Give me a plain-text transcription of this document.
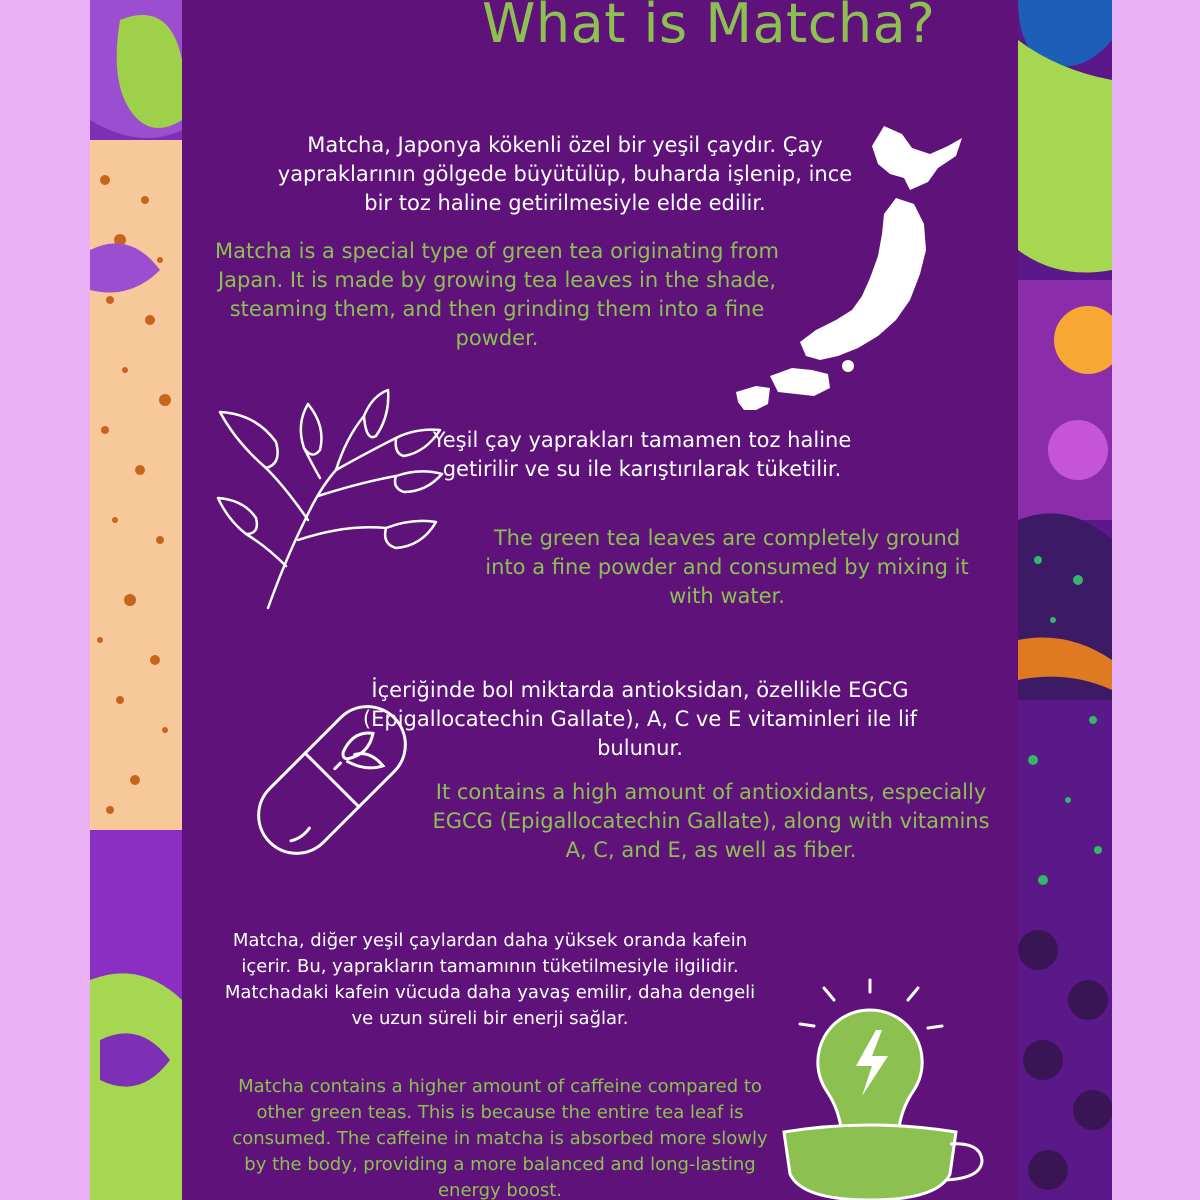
What is Matcha?
Matcha, Japonya kökenli özel bir yeşil çaydır. Çay yapraklarının gölgede büyütülüp, buharda işlenip, ince bir toz haline getirilmesiyle elde edilir.
Matcha is a special type of green tea originating from Japan. It is made by growing tea leaves in the shade, steaming them, and then grinding them into a fine powder.
Yeşil çay yaprakları tamamen toz haline getirilir ve su ile karıştırılarak tüketilir.
The green tea leaves are completely ground into a fine powder and consumed by mixing it with water.
İçeriğinde bol miktarda antioksidan, özellikle EGCG (Epigallocatechin Gallate), A, C ve E vitaminleri ile lif bulunur.
It contains a high amount of antioxidants, especially EGCG (Epigallocatechin Gallate), along with vitamins A, C, and E, as well as fiber.
Matcha, diğer yeşil çaylardan daha yüksek oranda kafein içerir. Bu, yaprakların tamamının tüketilmesiyle ilgilidir. Matchadaki kafein vücuda daha yavaş emilir, daha dengeli ve uzun süreli bir enerji sağlar.
Matcha contains a higher amount of caffeine compared to other green teas. This is because the entire tea leaf is consumed. The caffeine in matcha is absorbed more slowly by the body, providing a more balanced and long-lasting energy boost.
